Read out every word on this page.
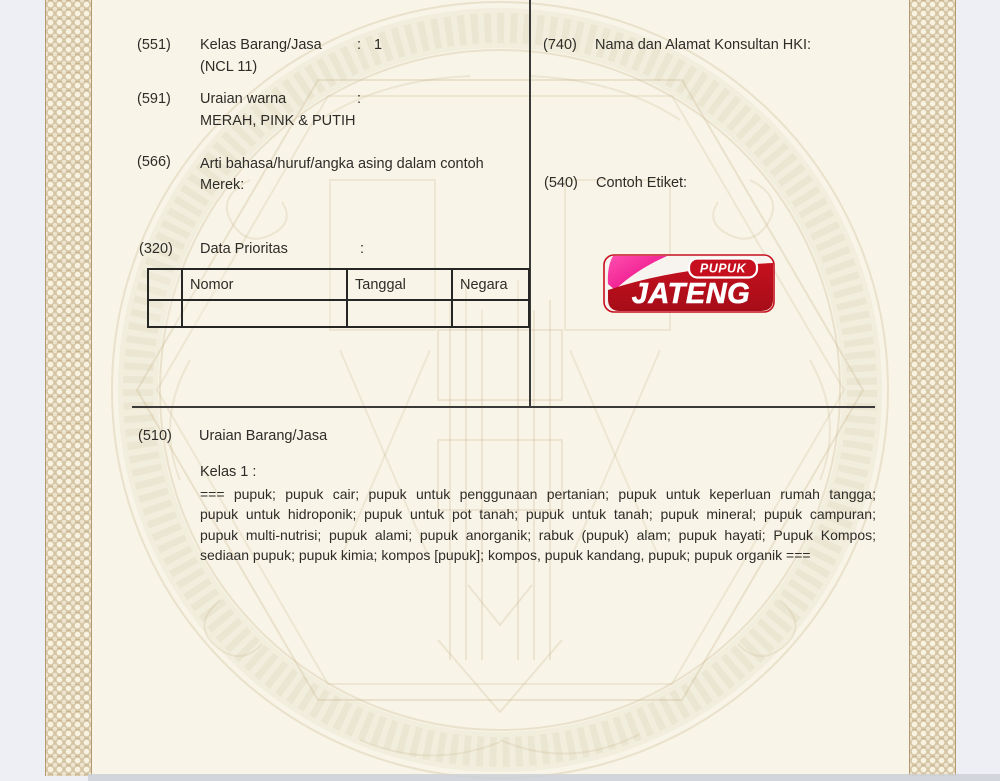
(551) Kelas Barang/Jasa : 1
(NCL 11)
(591) Uraian warna	:
MERAH, PINK & PUTIH
(566) Arti bahasa/huruf/angka asing dalam contoh Merek:
(320) Data Prioritas	:
	Nomor	Tanggal	Negara

(740) Nama dan Alamat Konsultan HKI:
(540) Contoh Etiket:
PUPUK
JATENG
(510) Uraian Barang/Jasa
Kelas 1 :
=== pupuk; pupuk cair; pupuk untuk penggunaan pertanian; pupuk untuk keperluan rumah tangga;
pupuk untuk hidroponik; pupuk untuk pot tanah; pupuk untuk tanah; pupuk mineral; pupuk campuran;
pupuk multi-nutrisi; pupuk alami; pupuk anorganik; rabuk (pupuk) alam; pupuk hayati; Pupuk Kompos;
sediaan pupuk; pupuk kimia; kompos [pupuk]; kompos, pupuk kandang, pupuk; pupuk organik ===
